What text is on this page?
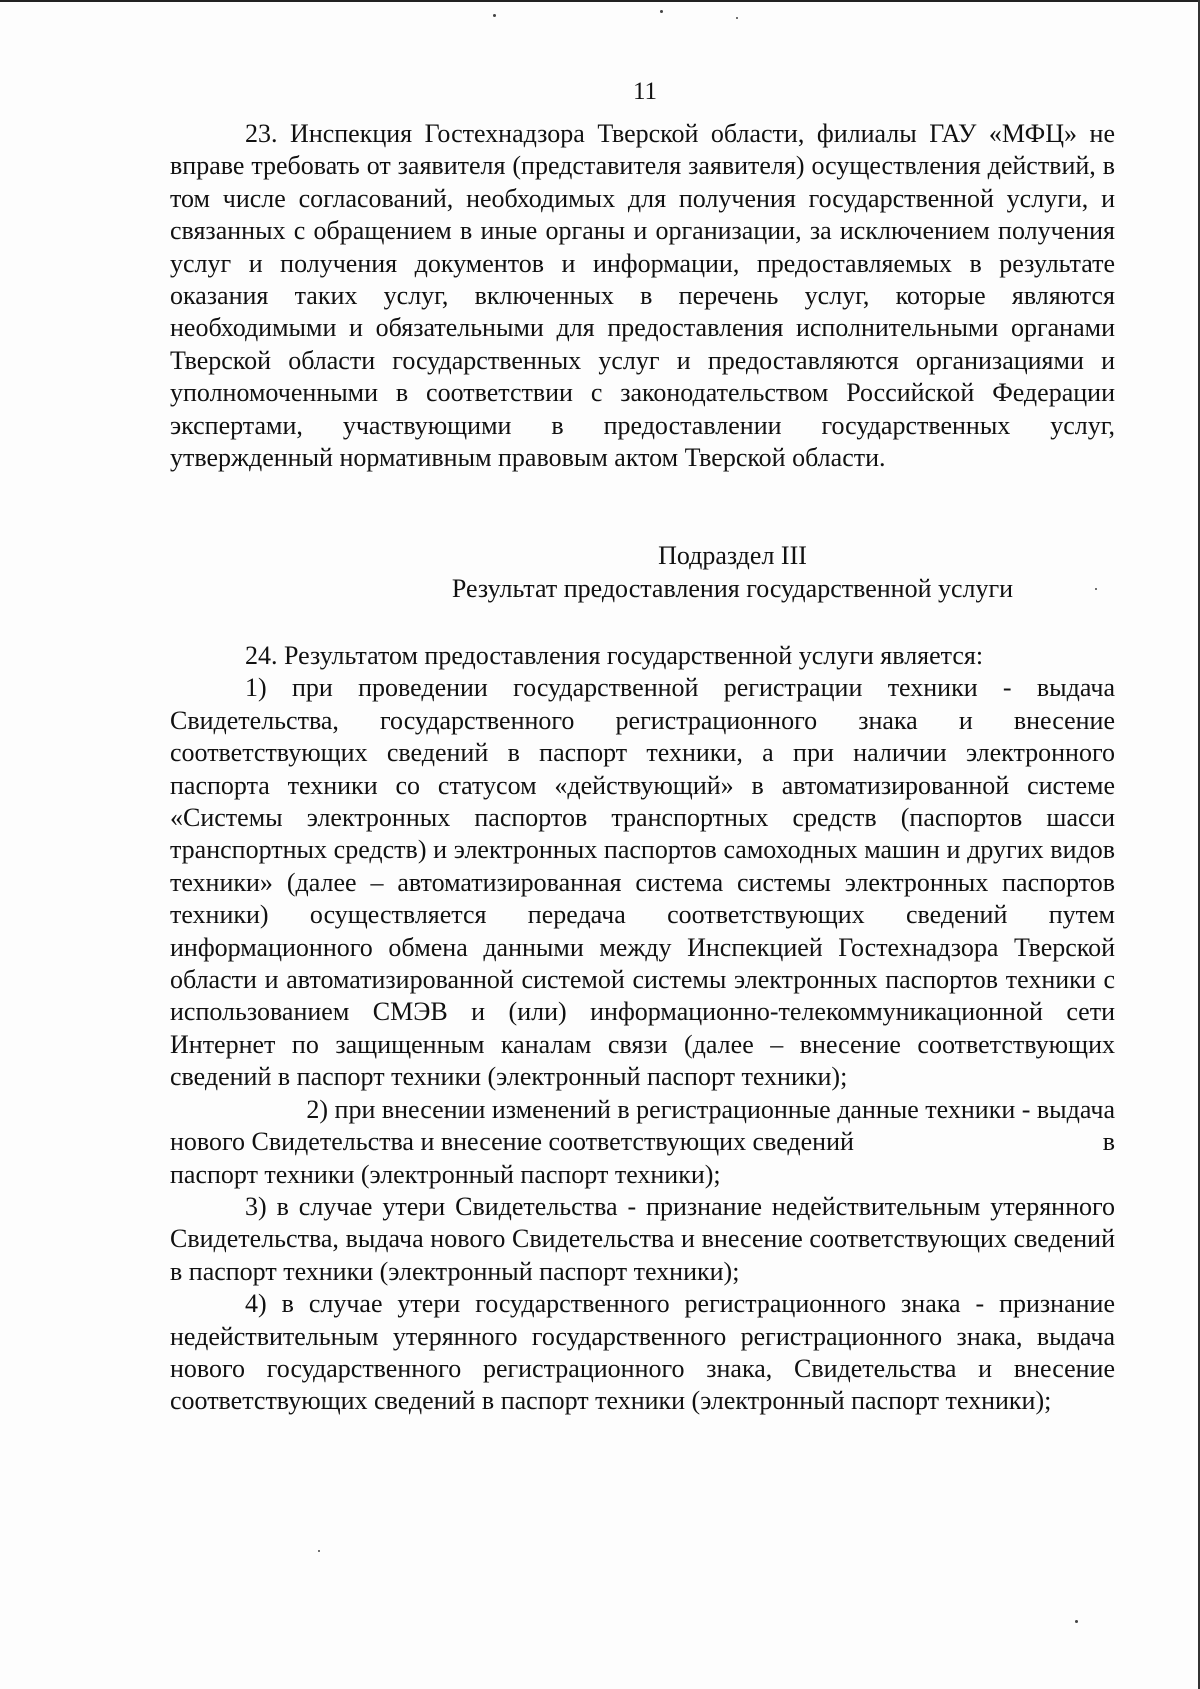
11

23. Инспекция Гостехнадзора Тверской области, филиалы ГАУ «МФЦ» не вправе требовать от заявителя (представителя заявителя) осуществления действий, в том числе согласований, необходимых для получения государственной услуги, и связанных с обращением в иные органы и организации, за исключением получения услуг и получения документов и информации, предоставляемых в результате оказания таких услуг, включенных в перечень услуг, которые являются необходимыми и обязательными для предоставления исполнительными органами Тверской области государственных услуг и предоставляются организациями и уполномоченными в соответствии с законодательством Российской Федерации экспертами, участвующими в предоставлении государственных услуг, утвержденный нормативным правовым актом Тверской области.

Подраздел III
Результат предоставления государственной услуги

24. Результатом предоставления государственной услуги является:

1) при проведении государственной регистрации техники - выдача Свидетельства, государственного регистрационного знака и внесение соответствующих сведений в паспорт техники, а при наличии электронного паспорта техники со статусом «действующий» в автоматизированной системе «Системы электронных паспортов транспортных средств (паспортов шасси транспортных средств) и электронных паспортов самоходных машин и других видов техники» (далее – автоматизированная система системы электронных паспортов техники) осуществляется передача соответствующих сведений путем информационного обмена данными между Инспекцией Гостехнадзора Тверской области и автоматизированной системой системы электронных паспортов техники с использованием СМЭВ и (или) информационно-телекоммуникационной сети Интернет по защищенным каналам связи (далее – внесение соответствующих сведений в паспорт техники (электронный паспорт техники);

2) при внесении изменений в регистрационные данные техники - выдача

нового Свидетельства и внесение соответствующих сведений	в
паспорт техники (электронный паспорт техники);

3) в случае утери Свидетельства - признание недействительным утерянного Свидетельства, выдача нового Свидетельства и внесение соответствующих сведений в паспорт техники (электронный паспорт техники);

4) в случае утери государственного регистрационного знака - признание недействительным утерянного государственного регистрационного знака, выдача нового государственного регистрационного знака, Свидетельства и внесение соответствующих сведений в паспорт техники (электронный паспорт техники);
